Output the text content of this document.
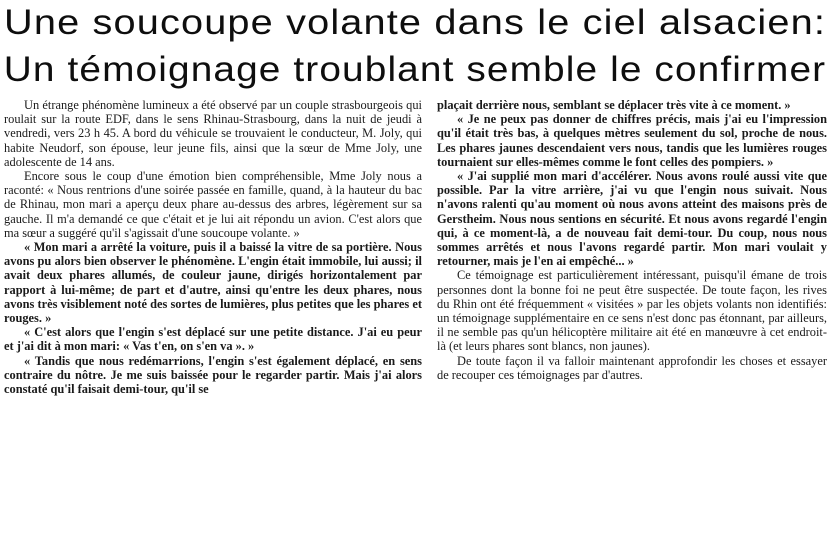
Une soucoupe volante dans le ciel alsacien:
Un témoignage troublant semble le confirmer

Un étrange phénomène lumineux a été observé par un couple strasbourgeois qui roulait sur la route EDF, dans le sens Rhinau-Strasbourg, dans la nuit de jeudi à vendredi, vers 23 h 45. A bord du véhicule se trouvaient le conducteur, M. Joly, qui habite Neudorf, son épouse, leur jeune fils, ainsi que la sœur de Mme Joly, une adolescente de 14 ans.

Encore sous le coup d'une émotion bien compréhensible, Mme Joly nous a raconté: « Nous rentrions d'une soirée passée en famille, quand, à la hauteur du bac de Rhinau, mon mari a aperçu deux phare au-dessus des arbres, légèrement sur sa gauche. Il m'a demandé ce que c'était et je lui ait répondu un avion. C'est alors que ma sœur a suggéré qu'il s'agissait d'une soucoupe volante. »

« Mon mari a arrêté la voiture, puis il a baissé la vitre de sa portière. Nous avons pu alors bien observer le phénomène. L'engin était immobile, lui aussi; il avait deux phares allumés, de couleur jaune, dirigés horizontalement par rapport à lui-même; de part et d'autre, ainsi qu'entre les deux phares, nous avons très visiblement noté des sortes de lumières, plus petites que les phares et rouges. »

« C'est alors que l'engin s'est déplacé sur une petite distance. J'ai eu peur et j'ai dit à mon mari: « Vas t'en, on s'en va ». »

« Tandis que nous redémarrions, l'engin s'est également déplacé, en sens contraire du nôtre. Je me suis baissée pour le regarder partir. Mais j'ai alors constaté qu'il faisait demi-tour, qu'il se

plaçait derrière nous, semblant se déplacer très vite à ce moment. »

« Je ne peux pas donner de chiffres précis, mais j'ai eu l'impression qu'il était très bas, à quelques mètres seulement du sol, proche de nous. Les phares jaunes descendaient vers nous, tandis que les lumières rouges tournaient sur elles-mêmes comme le font celles des pompiers. »

« J'ai supplié mon mari d'accélérer. Nous avons roulé aussi vite que possible. Par la vitre arrière, j'ai vu que l'engin nous suivait. Nous n'avons ralenti qu'au moment où nous avons atteint des maisons près de Gerstheim. Nous nous sentions en sécurité. Et nous avons regardé l'engin qui, à ce moment-là, a de nouveau fait demi-tour. Du coup, nous nous sommes arrêtés et nous l'avons regardé partir. Mon mari voulait y retourner, mais je l'en ai empêché... »

Ce témoignage est particulièrement intéressant, puisqu'il émane de trois personnes dont la bonne foi ne peut être suspectée. De toute façon, les rives du Rhin ont été fréquemment « visitées » par les objets volants non identifiés: un témoignage supplémentaire en ce sens n'est donc pas étonnant, par ailleurs, il ne semble pas qu'un hélicoptère militaire ait été en manœuvre à cet endroit-là (et leurs phares sont blancs, non jaunes).

De toute façon il va falloir maintenant approfondir les choses et essayer de recouper ces témoignages par d'autres.
